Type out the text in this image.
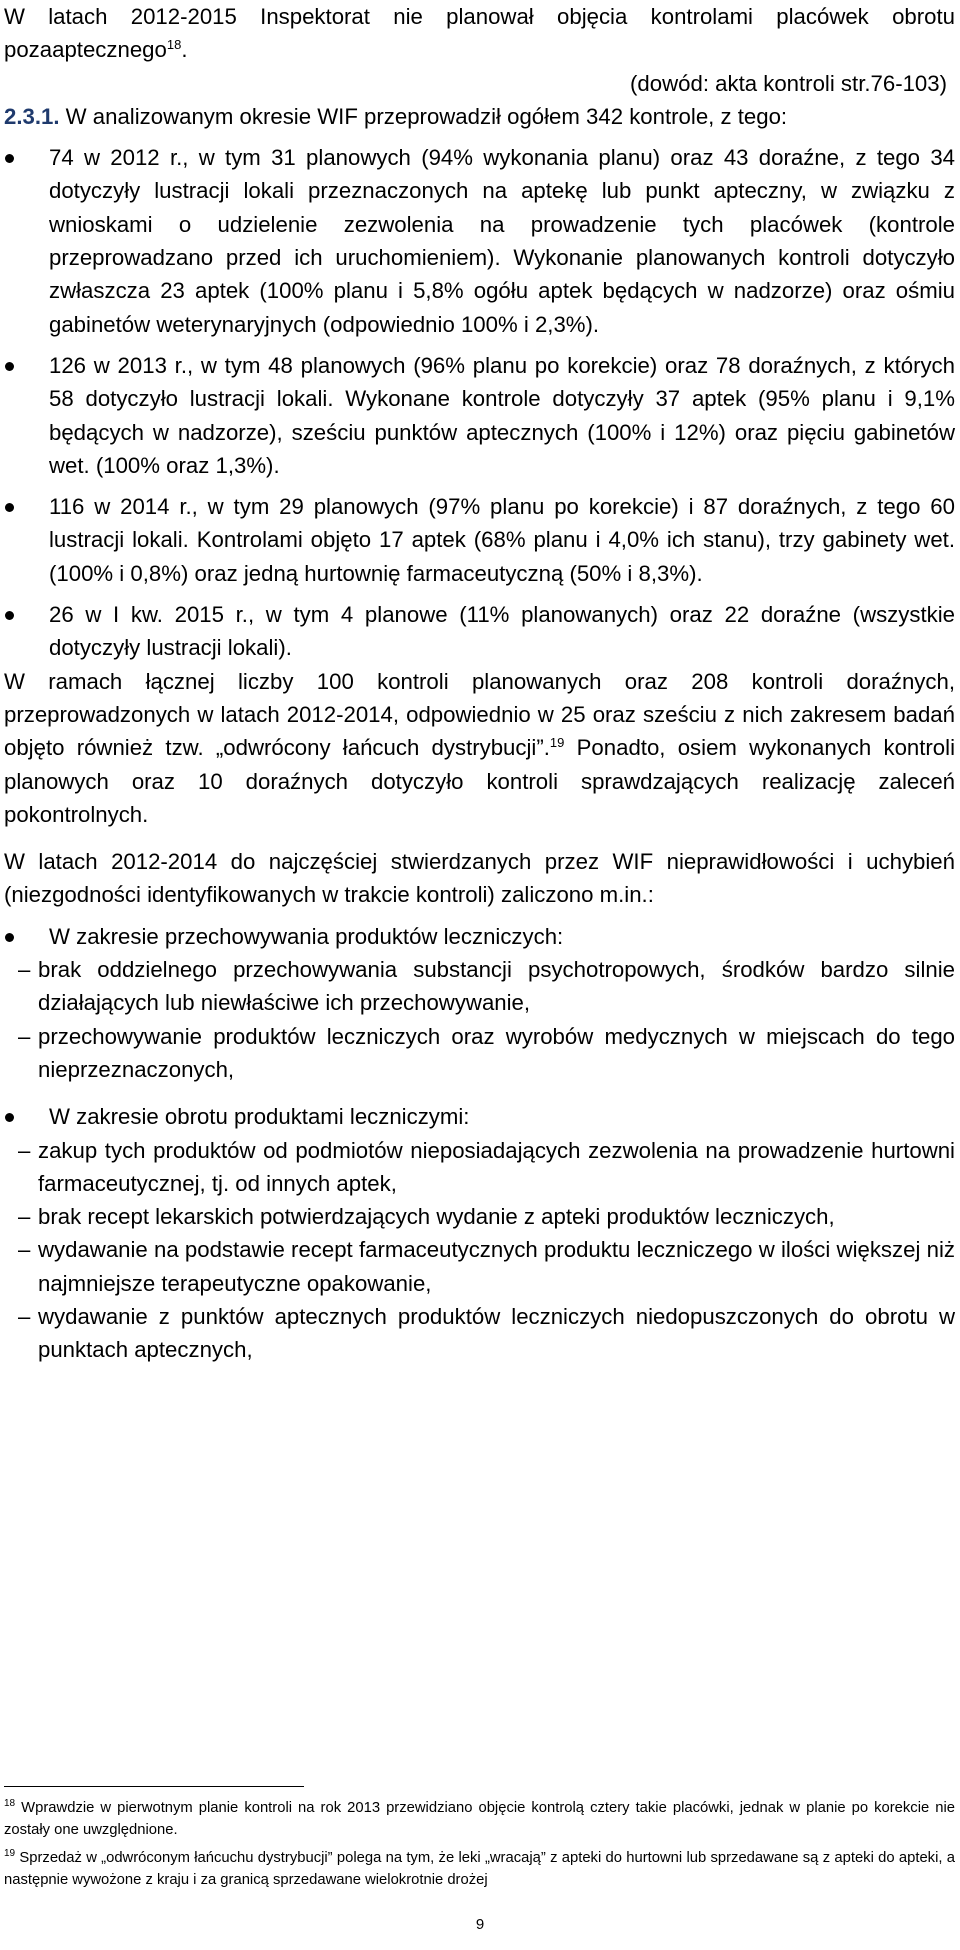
W latach 2012-2015 Inspektorat nie planował objęcia kontrolami placówek obrotu pozaaptecznego$^{18}$.

(dowód: akta kontroli str.76-103)

2.3.1. W analizowanym okresie WIF przeprowadził ogółem 342 kontrole, z tego:

74 w 2012 r., w tym 31 planowych (94% wykonania planu) oraz 43 doraźne, z tego 34 dotyczyły lustracji lokali przeznaczonych na aptekę lub punkt apteczny, w związku z wnioskami o udzielenie zezwolenia na prowadzenie tych placówek (kontrole przeprowadzano przed ich uruchomieniem). Wykonanie planowanych kontroli dotyczyło zwłaszcza 23 aptek (100% planu i 5,8% ogółu aptek będących w nadzorze) oraz ośmiu gabinetów weterynaryjnych (odpowiednio 100% i 2,3%).

126 w 2013 r., w tym 48 planowych (96% planu po korekcie) oraz 78 doraźnych, z których 58 dotyczyło lustracji lokali. Wykonane kontrole dotyczyły 37 aptek (95% planu i 9,1% będących w nadzorze), sześciu punktów aptecznych (100% i 12%) oraz pięciu gabinetów wet. (100% oraz 1,3%).

116 w 2014 r., w tym 29 planowych (97% planu po korekcie) i 87 doraźnych, z tego 60 lustracji lokali. Kontrolami objęto 17 aptek (68% planu i 4,0% ich stanu), trzy gabinety wet. (100% i 0,8%) oraz jedną hurtownię farmaceutyczną (50% i 8,3%).

26 w I kw. 2015 r., w tym 4 planowe (11% planowanych) oraz 22 doraźne (wszystkie dotyczyły lustracji lokali).

W ramach łącznej liczby 100 kontroli planowanych oraz 208 kontroli doraźnych, przeprowadzonych w latach 2012-2014, odpowiednio w 25 oraz sześciu z nich zakresem badań objęto również tzw. „odwrócony łańcuch dystrybucji”.$^{19}$ Ponadto, osiem wykonanych kontroli planowych oraz 10 doraźnych dotyczyło kontroli sprawdzających realizację zaleceń pokontrolnych.

W latach 2012-2014 do najczęściej stwierdzanych przez WIF nieprawidłowości i uchybień (niezgodności identyfikowanych w trakcie kontroli) zaliczono m.in.:

W zakresie przechowywania produktów leczniczych:

– brak oddzielnego przechowywania substancji psychotropowych, środków bardzo silnie działających lub niewłaściwe ich przechowywanie,

– przechowywanie produktów leczniczych oraz wyrobów medycznych w miejscach do tego nieprzeznaczonych,

W zakresie obrotu produktami leczniczymi:

– zakup tych produktów od podmiotów nieposiadających zezwolenia na prowadzenie hurtowni farmaceutycznej, tj. od innych aptek,

– brak recept lekarskich potwierdzających wydanie z apteki produktów leczniczych,

– wydawanie na podstawie recept farmaceutycznych produktu leczniczego w ilości większej niż najmniejsze terapeutyczne opakowanie,

– wydawanie z punktów aptecznych produktów leczniczych niedopuszczonych do obrotu w punktach aptecznych,

$^{18}$ Wprawdzie w pierwotnym planie kontroli na rok 2013 przewidziano objęcie kontrolą cztery takie placówki, jednak w planie po korekcie nie zostały one uwzględnione.

$^{19}$ Sprzedaż w „odwróconym łańcuchu dystrybucji” polega na tym, że leki „wracają” z apteki do hurtowni lub sprzedawane są z apteki do apteki, a następnie wywożone z kraju i za granicą sprzedawane wielokrotnie drożej

9
